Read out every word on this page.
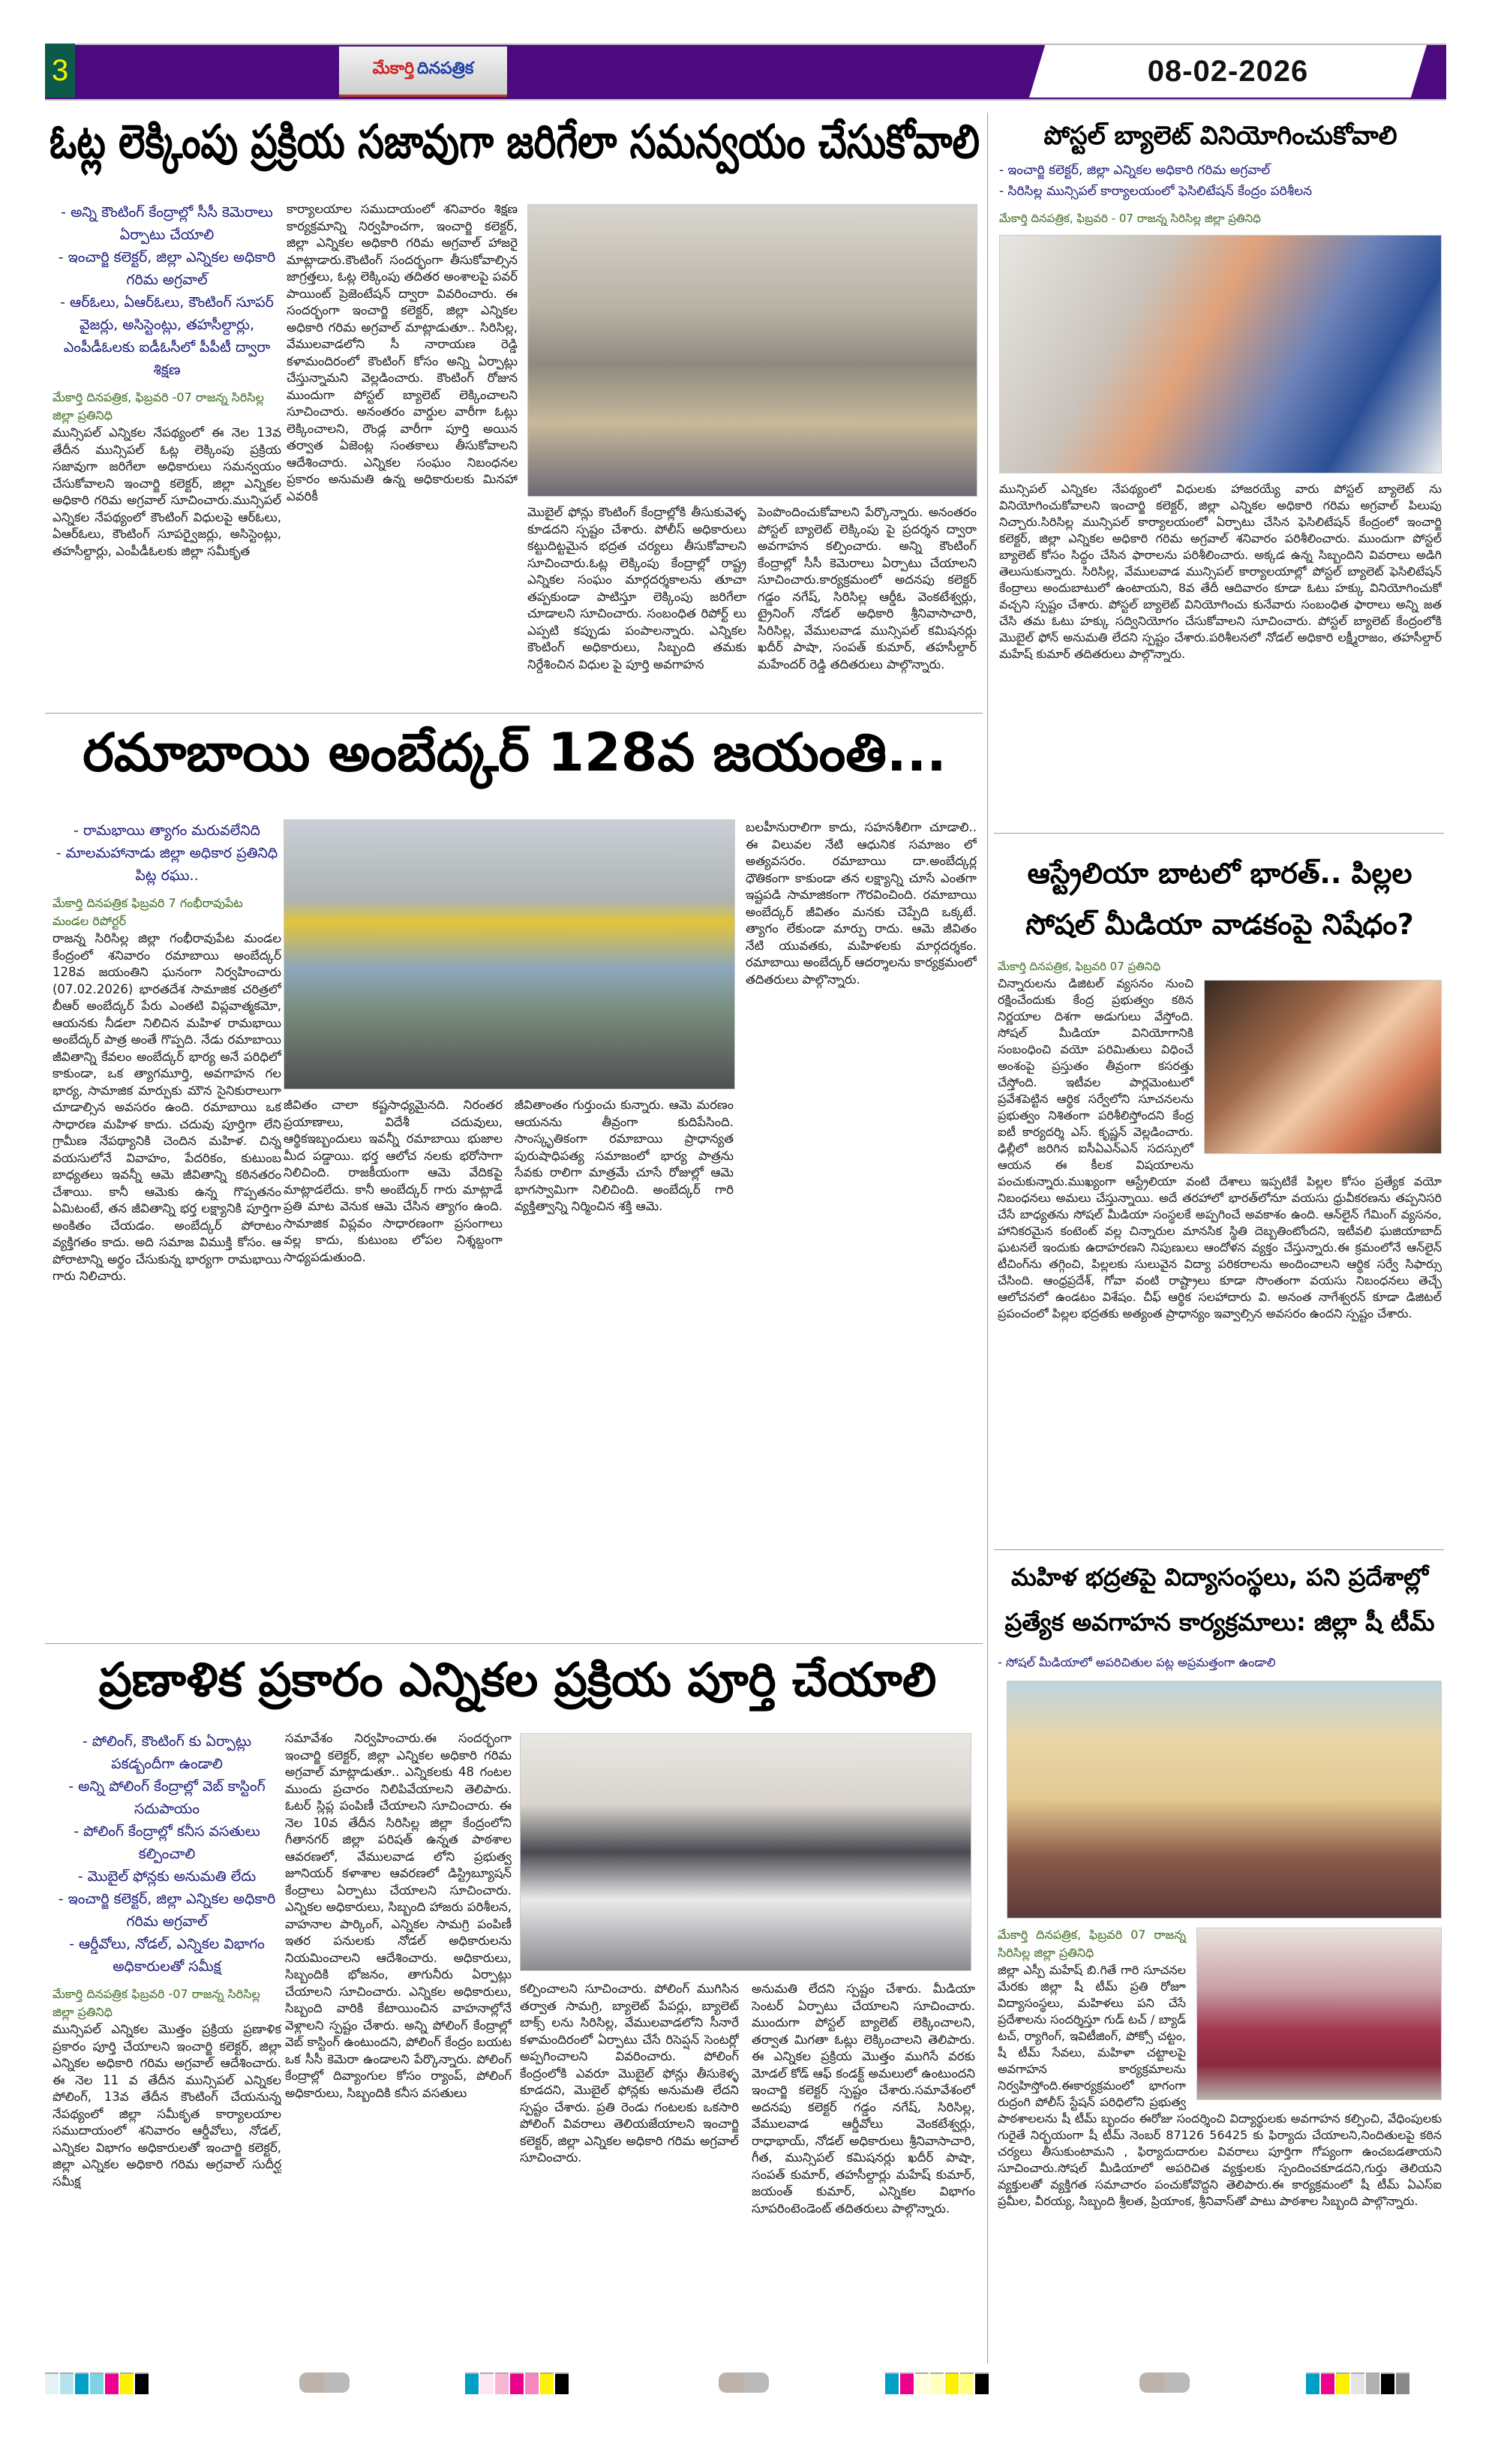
3	మేకార్తి దినపత్రిక	08-02-2026
ఓట్ల లెక్కింపు ప్రక్రియ సజావుగా జరిగేలా సమన్వయం చేసుకోవాలి
- అన్ని కౌంటింగ్ కేంద్రాల్లో సీసీ కెమెరాలు ఏర్పాటు చేయాలి
- ఇంచార్జి కలెక్టర్, జిల్లా ఎన్నికల అధికారి గరిమ అగ్రవాల్
- ఆర్ఓలు, ఏఆర్ఓలు, కౌంటింగ్ సూపర్ వైజర్లు, అసిస్టెంట్లు, తహసీల్దార్లు, ఎంపీడీఓలకు ఐడీఓసీలో పీపీటీ ద్వారా శిక్షణ
మేకార్తి దినపత్రిక, ఫిబ్రవరి -07 రాజన్న సిరిసిల్ల జిల్లా ప్రతినిధి
మున్సిపల్ ఎన్నికల నేపథ్యంలో ఈ నెల 13వ తేదీన మున్సిపల్ ఓట్ల లెక్కింపు ప్రక్రియ సజావుగా జరిగేలా అధికారులు సమన్వయం చేసుకోవాలని ఇంచార్జి కలెక్టర్, జిల్లా ఎన్నికల అధికారి గరిమ అగ్రవాల్ సూచించారు.మున్సిపల్ ఎన్నికల నేపథ్యంలో కౌంటింగ్ విధులపై ఆర్ఓలు, ఏఆర్ఓలు, కౌంటింగ్ సూపర్వైజర్లు, అసిస్టెంట్లు, తహసీల్దార్లు, ఎంపీడీఓలకు జిల్లా సమీకృత
కార్యాలయాల సముదాయంలో శనివారం శిక్షణ కార్యక్రమాన్ని నిర్వహించగా, ఇంచార్జి కలెక్టర్, జిల్లా ఎన్నికల అధికారి గరిమ అగ్రవాల్ హాజరై మాట్లాడారు.కౌంటింగ్ సందర్భంగా తీసుకోవాల్సిన జాగ్రత్తలు, ఓట్ల లెక్కింపు తదితర అంశాలపై పవర్ పాయింట్ ప్రెజెంటేషన్ ద్వారా వివరించారు. ఈ సందర్భంగా ఇంచార్జి కలెక్టర్, జిల్లా ఎన్నికల అధికారి గరిమ అగ్రవాల్ మాట్లాడుతూ.. సిరిసిల్ల, వేములవాడలోని సీ నారాయణ రెడ్డి కళామందిరంలో కౌంటింగ్ కోసం అన్ని ఏర్పాట్లు చేస్తున్నామని వెల్లడించారు. కౌంటింగ్ రోజున ముందుగా పోస్టల్ బ్యాలెట్ లెక్కించాలని సూచించారు. అనంతరం వార్డుల వారీగా ఓట్లు లెక్కించాలని, రౌండ్ల వారీగా పూర్తి అయిన తర్వాత ఏజెంట్ల సంతకాలు తీసుకోవాలని ఆదేశించారు. ఎన్నికల సంఘం నిబంధనల ప్రకారం అనుమతి ఉన్న అధికారులకు మినహా ఎవరికీ
మొబైల్ ఫోన్లు కౌంటింగ్ కేంద్రాల్లోకి తీసుకువెళ్ళ కూడదని స్పష్టం చేశారు. పోలీస్ అధికారులు కట్టుదిట్టమైన భద్రత చర్యలు తీసుకోవాలని సూచించారు.ఓట్ల లెక్కింపు కేంద్రాల్లో రాష్ట్ర ఎన్నికల సంఘం మార్గదర్శకాలను తూచా తప్పకుండా పాటిస్తూ లెక్కింపు జరిగేలా చూడాలని సూచించారు. సంబంధిత రిపోర్ట్ లు ఎప్పటి కప్పుడు పంపాలన్నారు. ఎన్నికల కౌంటింగ్ అధికారులు, సిబ్బంది తమకు నిర్దేశించిన విధుల పై పూర్తి అవగాహన
పెంపొందించుకోవాలని పేర్కొన్నారు. అనంతరం పోస్టల్ బ్యాలెట్ లెక్కింపు పై ప్రదర్శన ద్వారా అవగాహన కల్పించారు. అన్ని కౌంటింగ్ కేంద్రాల్లో సీసీ కెమెరాలు ఏర్పాటు చేయాలని సూచించారు.కార్యక్రమంలో అదనపు కలెక్టర్ గడ్డం నగేష్, సిరిసిల్ల ఆర్డీఓ వెంకటేశ్వర్లు, ట్రైనింగ్ నోడల్ అధికారి శ్రీనివాసాచారి, సిరిసిల్ల, వేములవాడ మున్సిపల్ కమిషనర్లు ఖదీర్ పాషా, సంపత్ కుమార్, తహసీల్దార్ మహేందర్ రెడ్డి తదితరులు పాల్గొన్నారు.
పోస్టల్ బ్యాలెట్ వినియోగించుకోవాలి
- ఇంచార్జి కలెక్టర్, జిల్లా ఎన్నికల అధికారి గరిమ అగ్రవాల్
- సిరిసిల్ల మున్సిపల్ కార్యాలయంలో ఫెసిలిటేషన్ కేంద్రం పరిశీలన
మేకార్తి దినపత్రిక, ఫిబ్రవరి - 07 రాజన్న సిరిసిల్ల జిల్లా ప్రతినిధి
మున్సిపల్ ఎన్నికల నేపథ్యంలో విధులకు హాజరయ్యే వారు పోస్టల్ బ్యాలెట్ ను వినియోగించుకోవాలని ఇంచార్జి కలెక్టర్, జిల్లా ఎన్నికల అధికారి గరిమ అగ్రవాల్ పిలుపు నిచ్చారు.సిరిసిల్ల మున్సిపల్ కార్యాలయంలో ఏర్పాటు చేసిన ఫెసిలిటేషన్ కేంద్రంలో ఇంచార్జి కలెక్టర్, జిల్లా ఎన్నికల అధికారి గరిమ అగ్రవాల్ శనివారం పరిశీలించారు. ముందుగా పోస్టల్ బ్యాలెట్ కోసం సిద్ధం చేసిన ఫారాలను పరిశీలించారు. అక్కడ ఉన్న సిబ్బందిని వివరాలు అడిగి తెలుసుకున్నారు. సిరిసిల్ల, వేములవాడ మున్సిపల్ కార్యాలయాల్లో పోస్టల్ బ్యాలెట్ ఫెసిలిటేషన్ కేంద్రాలు అందుబాటులో ఉంటాయని, 8వ తేదీ ఆదివారం కూడా ఓటు హక్కు వినియోగించుకో వచ్చని స్పష్టం చేశారు. పోస్టల్ బ్యాలెట్ వినియోగించు కునేవారు సంబంధిత ఫారాలు అన్ని జత చేసి తమ ఓటు హక్కు సద్వినియోగం చేసుకోవాలని సూచించారు. పోస్టల్ బ్యాలెట్ కేంద్రంలోకి మొబైల్ ఫోన్ అనుమతి లేదని స్పష్టం చేశారు.పరిశీలనలో నోడల్ అధికారి లక్ష్మీరాజం, తహసీల్దార్ మహేష్ కుమార్ తదితరులు పాల్గొన్నారు.
రమాబాయి అంబేద్కర్ 128వ జయంతి...
- రామభాయి త్యాగం మరువలేనిది
- మాలమహానాడు జిల్లా అధికార ప్రతినిధి పిట్ల రఘు..
మేకార్తి దినపత్రిక ఫిబ్రవరి 7 గంభీరావుపేట మండల రిపోర్టర్
రాజన్న సిరిసిల్ల జిల్లా గంభీరావుపేట మండల కేంద్రంలో శనివారం రమాబాయి అంబేద్కర్ 128వ జయంతిని ఘనంగా నిర్వహించారు (07.02.2026) భారతదేశ సామాజిక చరిత్రలో బీఆర్ అంబేద్కర్ పేరు ఎంతటి విప్లవాత్మకమో, ఆయనకు నీడలా నిలిచిన మహిళ రామభాయి అంబేద్కర్ పాత్ర అంతే గొప్పది. నేడు రమాబాయి జీవితాన్ని కేవలం అంబేద్కర్ భార్య అనే పరిధిలో కాకుండా, ఒక త్యాగమూర్తి, అవగాహన గల భార్య, సామాజిక మార్పుకు మౌన సైనికురాలుగా చూడాల్సిన అవసరం ఉంది. రమాబాయి ఒక సాధారణ మహిళ కాదు. చదువు పూర్తిగా లేని గ్రామీణ నేపథ్యానికి చెందిన మహిళ. చిన్న వయసులోనే వివాహం, పేదరికం, కుటుంబ బాధ్యతలు ఇవన్నీ ఆమె జీవితాన్ని కఠినతరం చేశాయి. కానీ ఆమెకు ఉన్న గొప్పతనం ఏమిటంటే, తన జీవితాన్ని భర్త లక్ష్యానికి పూర్తిగా అంకితం చేయడం. అంబేద్కర్ పోరాటం వ్యక్తిగతం కాదు. అది సమాజ విముక్తి కోసం. ఆ పోరాటాన్ని అర్థం చేసుకున్న భార్యగా రామభాయి గారు నిలిచారు.
జీవితం చాలా కష్టసాధ్యమైనది. నిరంతర ప్రయాణాలు, విదేశీ చదువులు, ఆర్థికఇబ్బందులు ఇవన్నీ రమాబాయి భుజాల మీద పడ్డాయి. భర్త ఆలోచ నలకు భరోసాగా నిలిచింది. రాజకీయంగా ఆమె వేదికపై మాట్లాడలేదు. కానీ అంబేద్కర్ గారు మాట్లాడే ప్రతి మాట వెనుక ఆమె చేసిన త్యాగం ఉంది. సామాజిక విప్లవం సాధారణంగా ప్రసంగాలు వల్ల కాదు, కుటుంబ లోపల నిశ్శబ్దంగా సాధ్యపడుతుంది.
జీవితాంతం గుర్తుంచు కున్నారు. ఆమె మరణం ఆయనను తీవ్రంగా కుదిపేసింది. సాంస్కృతికంగా రమాబాయి ప్రాధాన్యత పురుషాధిపత్య సమాజంలో భార్య పాత్రను సేవకు రాలిగా మాత్రమే చూసే రోజుల్లో ఆమె భాగస్వామిగా నిలిచింది. అంబేద్కర్ గారి వ్యక్తిత్వాన్ని నిర్మించిన శక్తి ఆమె.
బలహీనురాలిగా కాదు, సహనశీలిగా చూడాలి.. ఈ విలువల నేటి ఆధునిక సమాజం లో అత్యవసరం. రమాబాయి దా.అంబేద్కర్ల ధౌతికంగా కాకుండా తన లక్ష్యాన్ని చూసే ఎంతగా ఇష్టపడి సామాజికంగా గౌరవించింది. రమాబాయి అంబేద్కర్ జీవితం మనకు చెప్పేది ఒక్కటే. త్యాగం లేకుండా మార్పు రాదు. ఆమె జీవితం నేటి యువతకు, మహిళలకు మార్గదర్శకం. రమాబాయి అంబేద్కర్ ఆదర్శాలను కార్యక్రమంలో తదితరులు పాల్గొన్నారు.
ఆస్ట్రేలియా బాటలో భారత్.. పిల్లల సోషల్ మీడియా వాడకంపై నిషేధం?
మేకార్తి దినపత్రిక, ఫిబ్రవరి 07 ప్రతినిధి
చిన్నారులను డిజిటల్ వ్యసనం నుంచి రక్షించేందుకు కేంద్ర ప్రభుత్వం కఠిన నిర్ణయాల దిశగా అడుగులు వేస్తోంది. సోషల్ మీడియా వినియోగానికి సంబంధించి వయో పరిమితులు విధించే అంశంపై ప్రస్తుతం తీవ్రంగా కసరత్తు చేస్తోంది. ఇటీవల పార్లమెంటులో ప్రవేశపెట్టిన ఆర్థిక సర్వేలోని సూచనలను ప్రభుత్వం నిశితంగా పరిశీలిస్తోందని కేంద్ర ఐటీ కార్యదర్శి ఎస్. కృష్ణన్ వెల్లడించారు. ఢిల్లీలో జరిగిన ఐసీఏఎన్ఎన్ సదస్సులో ఆయన ఈ కీలక విషయాలను పంచుకున్నారు.ముఖ్యంగా ఆస్ట్రేలియా వంటి దేశాలు ఇప్పటికే పిల్లల కోసం ప్రత్యేక వయో నిబంధనలు అమలు చేస్తున్నాయి. అదే తరహాలో భారత్‌లోనూ వయసు ధ్రువీకరణను తప్పనిసరి చేసే బాధ్యతను సోషల్ మీడియా సంస్థలకే అప్పగించే అవకాశం ఉంది. ఆన్‌లైన్ గేమింగ్ వ్యసనం, హానికరమైన కంటెంట్ వల్ల చిన్నారుల మానసిక స్థితి దెబ్బతింటోందని, ఇటీవలి ఘజియాబాద్ ఘటనలే ఇందుకు ఉదాహరణని నిపుణులు ఆందోళన వ్యక్తం చేస్తున్నారు.ఈ క్రమంలోనే ఆన్‌లైన్ టీచింగ్‌ను తగ్గించి, పిల్లలకు సులువైన విద్యా పరికరాలను అందించాలని ఆర్థిక సర్వే సిఫార్సు చేసింది. ఆంధ్రప్రదేశ్, గోవా వంటి రాష్ట్రాలు కూడా సొంతంగా వయసు నిబంధనలు తెచ్చే ఆలోచనలో ఉండటం విశేషం. చీఫ్ ఆర్థిక సలహాదారు వి. అనంత నాగేశ్వరన్ కూడా డిజిటల్ ప్రపంచంలో పిల్లల భద్రతకు అత్యంత ప్రాధాన్యం ఇవ్వాల్సిన అవసరం ఉందని స్పష్టం చేశారు.
మహిళ భద్రతపై విద్యాసంస్థలు, పని ప్రదేశాల్లో ప్రత్యేక అవగాహన కార్యక్రమాలు: జిల్లా షీ టీమ్
- సోషల్ మీడియాలో అపరిచితుల పట్ల అప్రమత్తంగా ఉండాలి
మేకార్తి దినపత్రిక, ఫిబ్రవరి 07 రాజన్న సిరిసిల్ల జిల్లా ప్రతినిధి
జిల్లా ఎస్పీ మహేష్ బి.గితే గారి సూచనల మేరకు జిల్లా షీ టీమ్ ప్రతి రోజూ విద్యాసంస్థలు, మహిళలు పని చేసే ప్రదేశాలను సందర్శిస్తూ గుడ్ టచ్ / బ్యాడ్ టచ్, ర్యాగింగ్, ఇవిటీజింగ్, పోక్సో చట్టం, షీ టీమ్ సేవలు, మహిళా చట్టాలపై అవగాహన కార్యక్రమాలను నిర్వహిస్తోంది.ఈకార్యక్రమంలో భాగంగా రుద్రంగి పోలీస్ స్టేషన్ పరిధిలోని ప్రభుత్వ పాఠశాలలను షీ టీమ్ బృందం ఈరోజు సందర్శించి విద్యార్థులకు అవగాహన కల్పించి, వేధింపులకు గురైతే నిర్భయంగా షీ టీమ్ నెంబర్ 87126 56425 కు ఫిర్యాదు చేయాలని,నిందితులపై కఠిన చర్యలు తీసుకుంటామని , ఫిర్యాదుదారుల వివరాలు పూర్తిగా గోప్యంగా ఉంచబడతాయని సూచించారు.సోషల్ మీడియాలో అపరిచిత వ్యక్తులకు స్పందించకూడదని,గుర్తు తెలియని వ్యక్తులతో వ్యక్తిగత సమాచారం పంచుకోవొద్దని తెలిపారు.ఈ కార్యక్రమంలో షీ టీమ్ ఏఎస్ఐ ప్రమీల, వీరయ్య, సిబ్బంది శ్రీలత, ప్రియాంక, శ్రీనివాస్‌తో పాటు పాఠశాల సిబ్బంది పాల్గొన్నారు.
ప్రణాళిక ప్రకారం ఎన్నికల ప్రక్రియ పూర్తి చేయాలి
- పోలింగ్, కౌంటింగ్ కు ఏర్పాట్లు పకడ్బందీగా ఉండాలి
- అన్ని పోలింగ్ కేంద్రాల్లో వెబ్ కాస్టింగ్ సదుపాయం
- పోలింగ్ కేంద్రాల్లో కనీస వసతులు కల్పించాలి
- మొబైల్ ఫోన్లకు అనుమతి లేదు
- ఇంచార్జి కలెక్టర్, జిల్లా ఎన్నికల అధికారి గరిమ అగ్రవాల్
- ఆర్డీవోలు, నోడల్, ఎన్నికల విభాగం అధికారులతో సమీక్ష
మేకార్తి దినపత్రిక ఫిబ్రవరి -07 రాజన్న సిరిసిల్ల జిల్లా ప్రతినిధి
మున్సిపల్ ఎన్నికల మొత్తం ప్రక్రియ ప్రణాళిక ప్రకారం పూర్తి చేయాలని ఇంచార్జి కలెక్టర్, జిల్లా ఎన్నికల అధికారి గరిమ అగ్రవాల్ ఆదేశించారు. ఈ నెల 11 వ తేదీన మున్సిపల్ ఎన్నికల పోలింగ్, 13వ తేదీన కౌంటింగ్ చేయనున్న నేపథ్యంలో జిల్లా సమీకృత కార్యాలయాల సముదాయంలో శనివారం ఆర్డీవోలు, నోడల్, ఎన్నికల విభాగం అధికారులతో ఇంచార్జి కలెక్టర్, జిల్లా ఎన్నికల అధికారి గరిమ అగ్రవాల్ సుదీర్ఘ సమీక్ష
సమావేశం నిర్వహించారు.ఈ సందర్భంగా ఇంచార్జి కలెక్టర్, జిల్లా ఎన్నికల అధికారి గరిమ అగ్రవాల్ మాట్లాడుతూ.. ఎన్నికలకు 48 గంటల ముందు ప్రచారం నిలిపివేయాలని తెలిపారు. ఓటర్ స్లిప్ల పంపిణీ చేయాలని సూచించారు. ఈ నెల 10వ తేదీన సిరిసిల్ల జిల్లా కేంద్రంలోని గీతానగర్ జిల్లా పరిషత్ ఉన్నత పాఠశాల ఆవరణలో, వేములవాడ లోని ప్రభుత్వ జూనియర్ కళాశాల ఆవరణలో డిస్ట్రిబ్యూషన్ కేంద్రాలు ఏర్పాటు చేయాలని సూచించారు. ఎన్నికల అధికారులు, సిబ్బంది హాజరు పరిశీలన, వాహనాల పార్కింగ్, ఎన్నికల సామగ్రి పంపిణీ ఇతర పనులకు నోడల్ అధికారులను నియమించాలని ఆదేశించారు. అధికారులు, సిబ్బందికి భోజనం, తాగునీరు ఏర్పాట్లు చేయాలని సూచించారు. ఎన్నికల అధికారులు, సిబ్బంది వారికి కేటాయించిన వాహనాల్లోనే వెళ్లాలని స్పష్టం చేశారు. అన్ని పోలింగ్ కేంద్రాల్లో వెబ్ కాస్టింగ్ ఉంటుందని, పోలింగ్ కేంద్రం బయట ఒక సీసీ కెమెరా ఉండాలని పేర్కొన్నారు. పోలింగ్ కేంద్రాల్లో దివ్యాంగుల కోసం ర్యాంప్, పోలింగ్ అధికారులు, సిబ్బందికి కనీస వసతులు
కల్పించాలని సూచించారు. పోలింగ్ ముగిసిన తర్వాత సామగ్రి, బ్యాలెట్ పేపర్లు, బ్యాలెట్ బాక్స్ లను సిరిసిల్ల, వేములవాడలోని సీనారే కళామందిరంలో ఏర్పాటు చేసే రిసెప్షన్ సెంటర్లో అప్పగించాలని వివరించారు. పోలింగ్ కేంద్రంలోకి ఎవరూ మొబైల్ ఫోన్లు తీసుకెళ్ళ కూడదని, మొబైల్ ఫోన్లకు అనుమతి లేదని స్పష్టం చేశారు. ప్రతి రెండు గంటలకు ఒకసారి పోలింగ్ వివరాలు తెలియజేయాలని ఇంచార్జి కలెక్టర్, జిల్లా ఎన్నికల అధికారి గరిమ అగ్రవాల్ సూచించారు.
అనుమతి లేదని స్పష్టం చేశారు. మీడియా సెంటర్ ఏర్పాటు చేయాలని సూచించారు. ముందుగా పోస్టల్ బ్యాలెట్ లెక్కించాలని, తర్వాత మిగతా ఓట్లు లెక్కించాలని తెలిపారు. ఈ ఎన్నికల ప్రక్రియ మొత్తం ముగిసే వరకు మోడల్ కోడ్ ఆఫ్ కండక్ట్ అమలులో ఉంటుందని ఇంచార్జి కలెక్టర్ స్పష్టం చేశారు.సమావేశంలో అదనపు కలెక్టర్ గడ్డం నగేష్, సిరిసిల్ల, వేములవాడ ఆర్డీవోలు వెంకటేశ్వర్లు, రాధాభాయ్, నోడల్ అధికారులు శ్రీనివాసాచారి, గీత, మున్సిపల్ కమిషనర్లు ఖదీర్ పాషా, సంపత్ కుమార్, తహసీల్దార్లు మహేష్ కుమార్, జయంత్ కుమార్, ఎన్నికల విభాగం సూపరింటెండెంట్ తదితరులు పాల్గొన్నారు.
